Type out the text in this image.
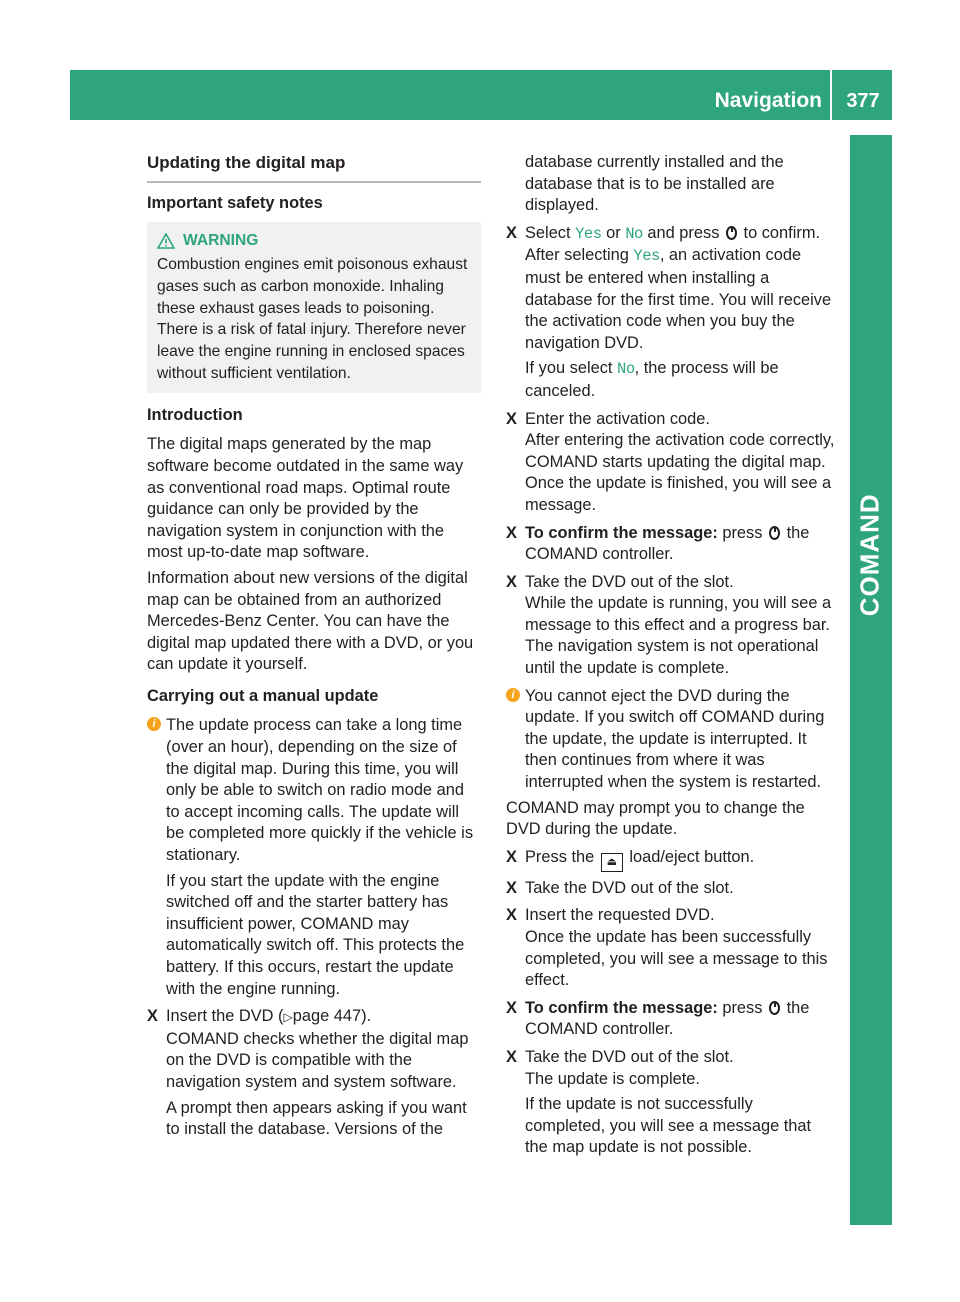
Navigation	377
COMAND
Updating the digital map
Important safety notes
WARNING

Combustion engines emit poisonous exhaust gases such as carbon monoxide. Inhaling these exhaust gases leads to poisoning. There is a risk of fatal injury. Therefore never leave the engine running in enclosed spaces without sufficient ventilation.

Introduction

The digital maps generated by the map software become outdated in the same way as conventional road maps. Optimal route guidance can only be provided by the navigation system in conjunction with the most up-to-date map software.

Information about new versions of the digital map can be obtained from an authorized Mercedes-Benz Center. You can have the digital map updated there with a DVD, or you can update it yourself.

Carrying out a manual update
i The update process can take a long time (over an hour), depending on the size of the digital map. During this time, you will only be able to switch on radio mode and to accept incoming calls. The update will be completed more quickly if the vehicle is stationary.

If you start the update with the engine switched off and the starter battery has insufficient power, COMAND may automatically switch off. This protects the battery. If this occurs, restart the update with the engine running.

X Insert the DVD (▷page 447).

COMAND checks whether the digital map on the DVD is compatible with the navigation system and system software.

A prompt then appears asking if you want to install the database. Versions of the

database currently installed and the database that is to be installed are displayed.

X Select Yes or No and press to confirm.

After selecting Yes, an activation code must be entered when installing a database for the first time. You will receive the activation code when you buy the navigation DVD.

If you select No, the process will be canceled.

X Enter the activation code.

After entering the activation code correctly, COMAND starts updating the digital map. Once the update is finished, you will see a message.

X To confirm the message: press the COMAND controller.

X Take the DVD out of the slot.

While the update is running, you will see a message to this effect and a progress bar. The navigation system is not operational until the update is complete.

i You cannot eject the DVD during the update. If you switch off COMAND during the update, the update is interrupted. It then continues from where it was interrupted when the system is restarted.

COMAND may prompt you to change the DVD during the update.

X Press the ⏏ load/eject button.

X Take the DVD out of the slot.

X Insert the requested DVD.

Once the update has been successfully completed, you will see a message to this effect.

X To confirm the message: press the COMAND controller.

X Take the DVD out of the slot.

The update is complete.

If the update is not successfully completed, you will see a message that the map update is not possible.
